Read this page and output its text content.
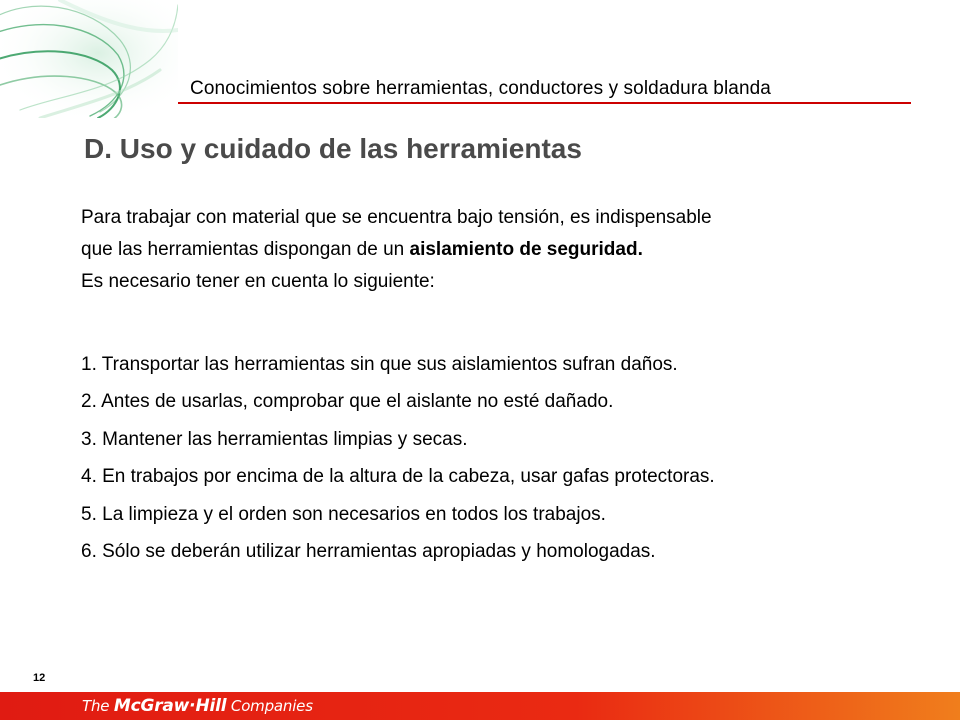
Conocimientos sobre herramientas, conductores y soldadura blanda
D. Uso y cuidado de las herramientas
Para trabajar con material que se encuentra bajo tensión, es indispensable
que las herramientas dispongan de un aislamiento de seguridad.
Es necesario tener en cuenta lo siguiente:
1. Transportar las herramientas sin que sus aislamientos sufran daños.
2. Antes de usarlas, comprobar que el aislante no esté dañado.
3. Mantener las herramientas limpias y secas.
4. En trabajos por encima de la altura de la cabeza, usar gafas protectoras.
5. La limpieza y el orden son necesarios en todos los trabajos.
6. Sólo se deberán utilizar herramientas apropiadas y homologadas.
12
The McGraw·Hill Companies
